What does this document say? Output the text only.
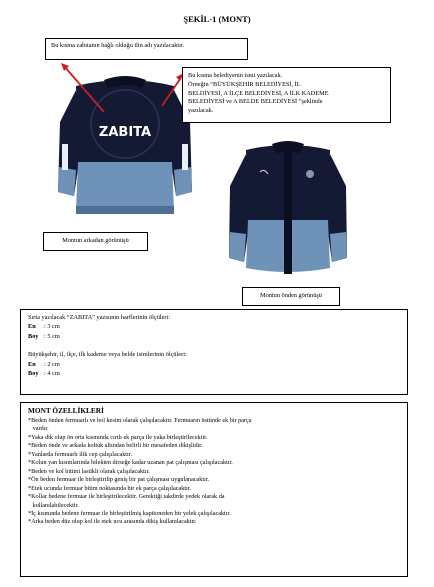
ŞEKİL-1 (MONT)
Bu kısma zabıtanın bağlı olduğu ilin adı yazılacaktır.
ZABITA
Bu kısma belediyenin ismi yazılacak.
Örneğin “BÜYÜKŞEHİR BELEDİYESİ, İL
BELDİYESİ, A İLÇE BELEDİYESİ, A İLK KADEME
BELEDİYESİ ve A BELDE BELEDİYESİ ”şeklinde
yazılacak.
Montun arkadan görünüşü
Montun önden görünüşü
Sırta yazılacak “ZABITA” yazısının harflerinin ölçüleri:
En : 3 cm
Boy : 5 cm
Büyükşehir, il, ilçe, ilk kademe veya belde isimlerinin ölçüleri:
En : 2 cm
Boy : 4 cm
MONT ÖZELLİKLERİ
*Beden önden fermuarlı ve bol kesim olarak çalışılacaktır. Fermuarın üstünde ek bir parça
vardır.
*Yaka dik olup ön orta kısmında cırtlı ek parça ile yaka birleştirilecektir.
*Beden önde ve arkada koltuk altından belirli bir mesafeden dikişlidir.
*Yanlarda fermuarlı ilik cep çalışılacaktır.
*Kolun yan kısımlarında bilekten dirseğe kadar uzanan pat çalışması çalışılacaktır.
*Beden ve kol bitimi lastikli olarak çalışılacaktır.
*Ön beden fermuar ile birleştirilip geniş bir pat çalışması uygulanacaktır.
*Etek ucunda fermuar bitim noktasında bir ek parça çalışılacaktır.
*Kollar bedene fermuar ile birleştirilecektir. Gerektiği takdirde yedek olarak da
kullanılabilecektir.
*İç kısmında bedene fermuar ile birleştirilmiş kapitoneden bir yelek çalışılacaktır.
*Arka beden düz olup kol ile etek ucu arasında dikiş kullanılacaktır.
